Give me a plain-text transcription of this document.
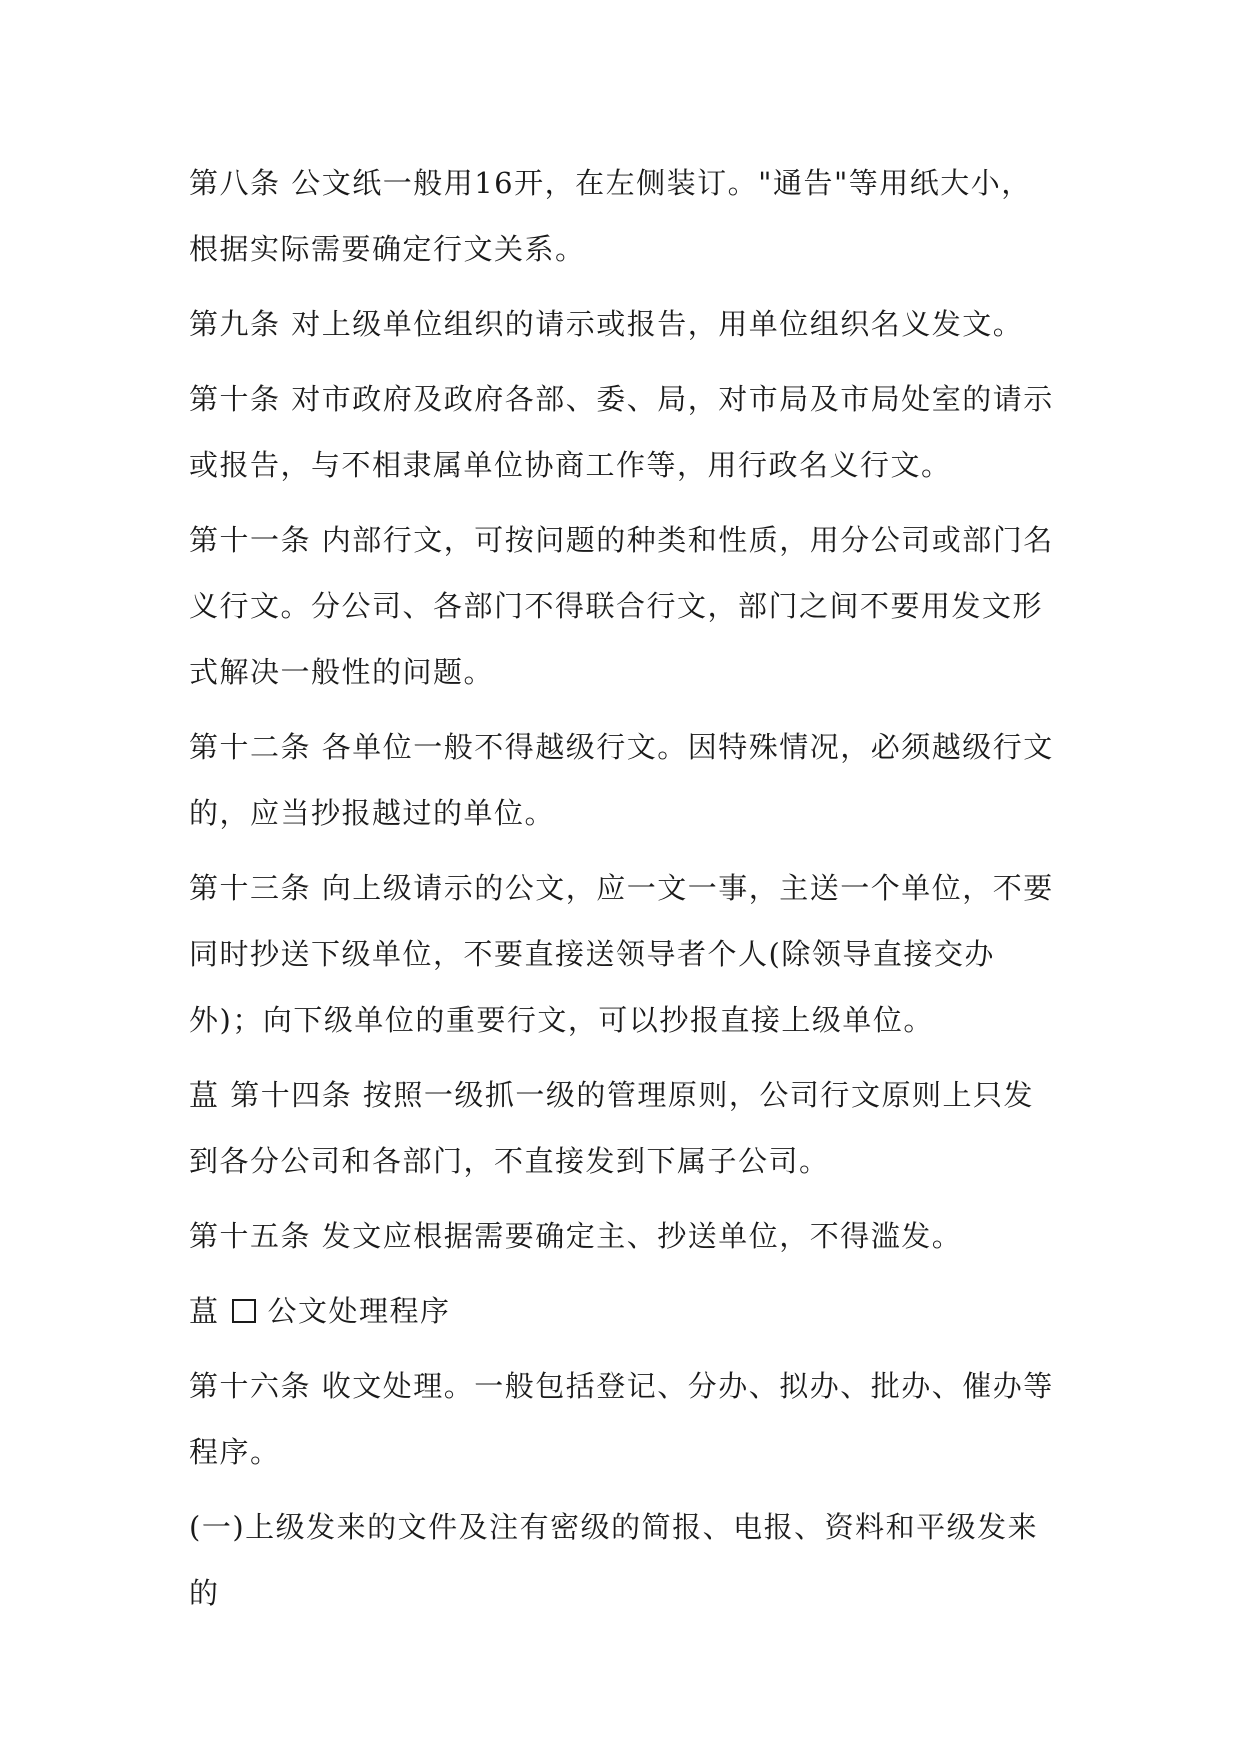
第八条 公文纸一般用16开，在左侧装订。"通告"等用纸大小，根据实际需要确定行文关系。

第九条 对上级单位组织的请示或报告，用单位组织名义发文。

第十条 对市政府及政府各部、委、局，对市局及市局处室的请示或报告，与不相隶属单位协商工作等，用行政名义行文。

第十一条 内部行文，可按问题的种类和性质，用分公司或部门名义行文。分公司、各部门不得联合行文，部门之间不要用发文形式解决一般性的问题。

第十二条 各单位一般不得越级行文。因特殊情况，必须越级行文的，应当抄报越过的单位。

第十三条 向上级请示的公文，应一文一事，主送一个单位，不要同时抄送下级单位，不要直接送领导者个人(除领导直接交办外)；向下级单位的重要行文，可以抄报直接上级单位。

蒀 第十四条 按照一级抓一级的管理原则，公司行文原则上只发到各分公司和各部门，不直接发到下属子公司。

第十五条 发文应根据需要确定主、抄送单位，不得滥发。

蒀 公文处理程序

第十六条 收文处理。一般包括登记、分办、拟办、批办、催办等程序。

(一)上级发来的文件及注有密级的简报、电报、资料和平级发来的
